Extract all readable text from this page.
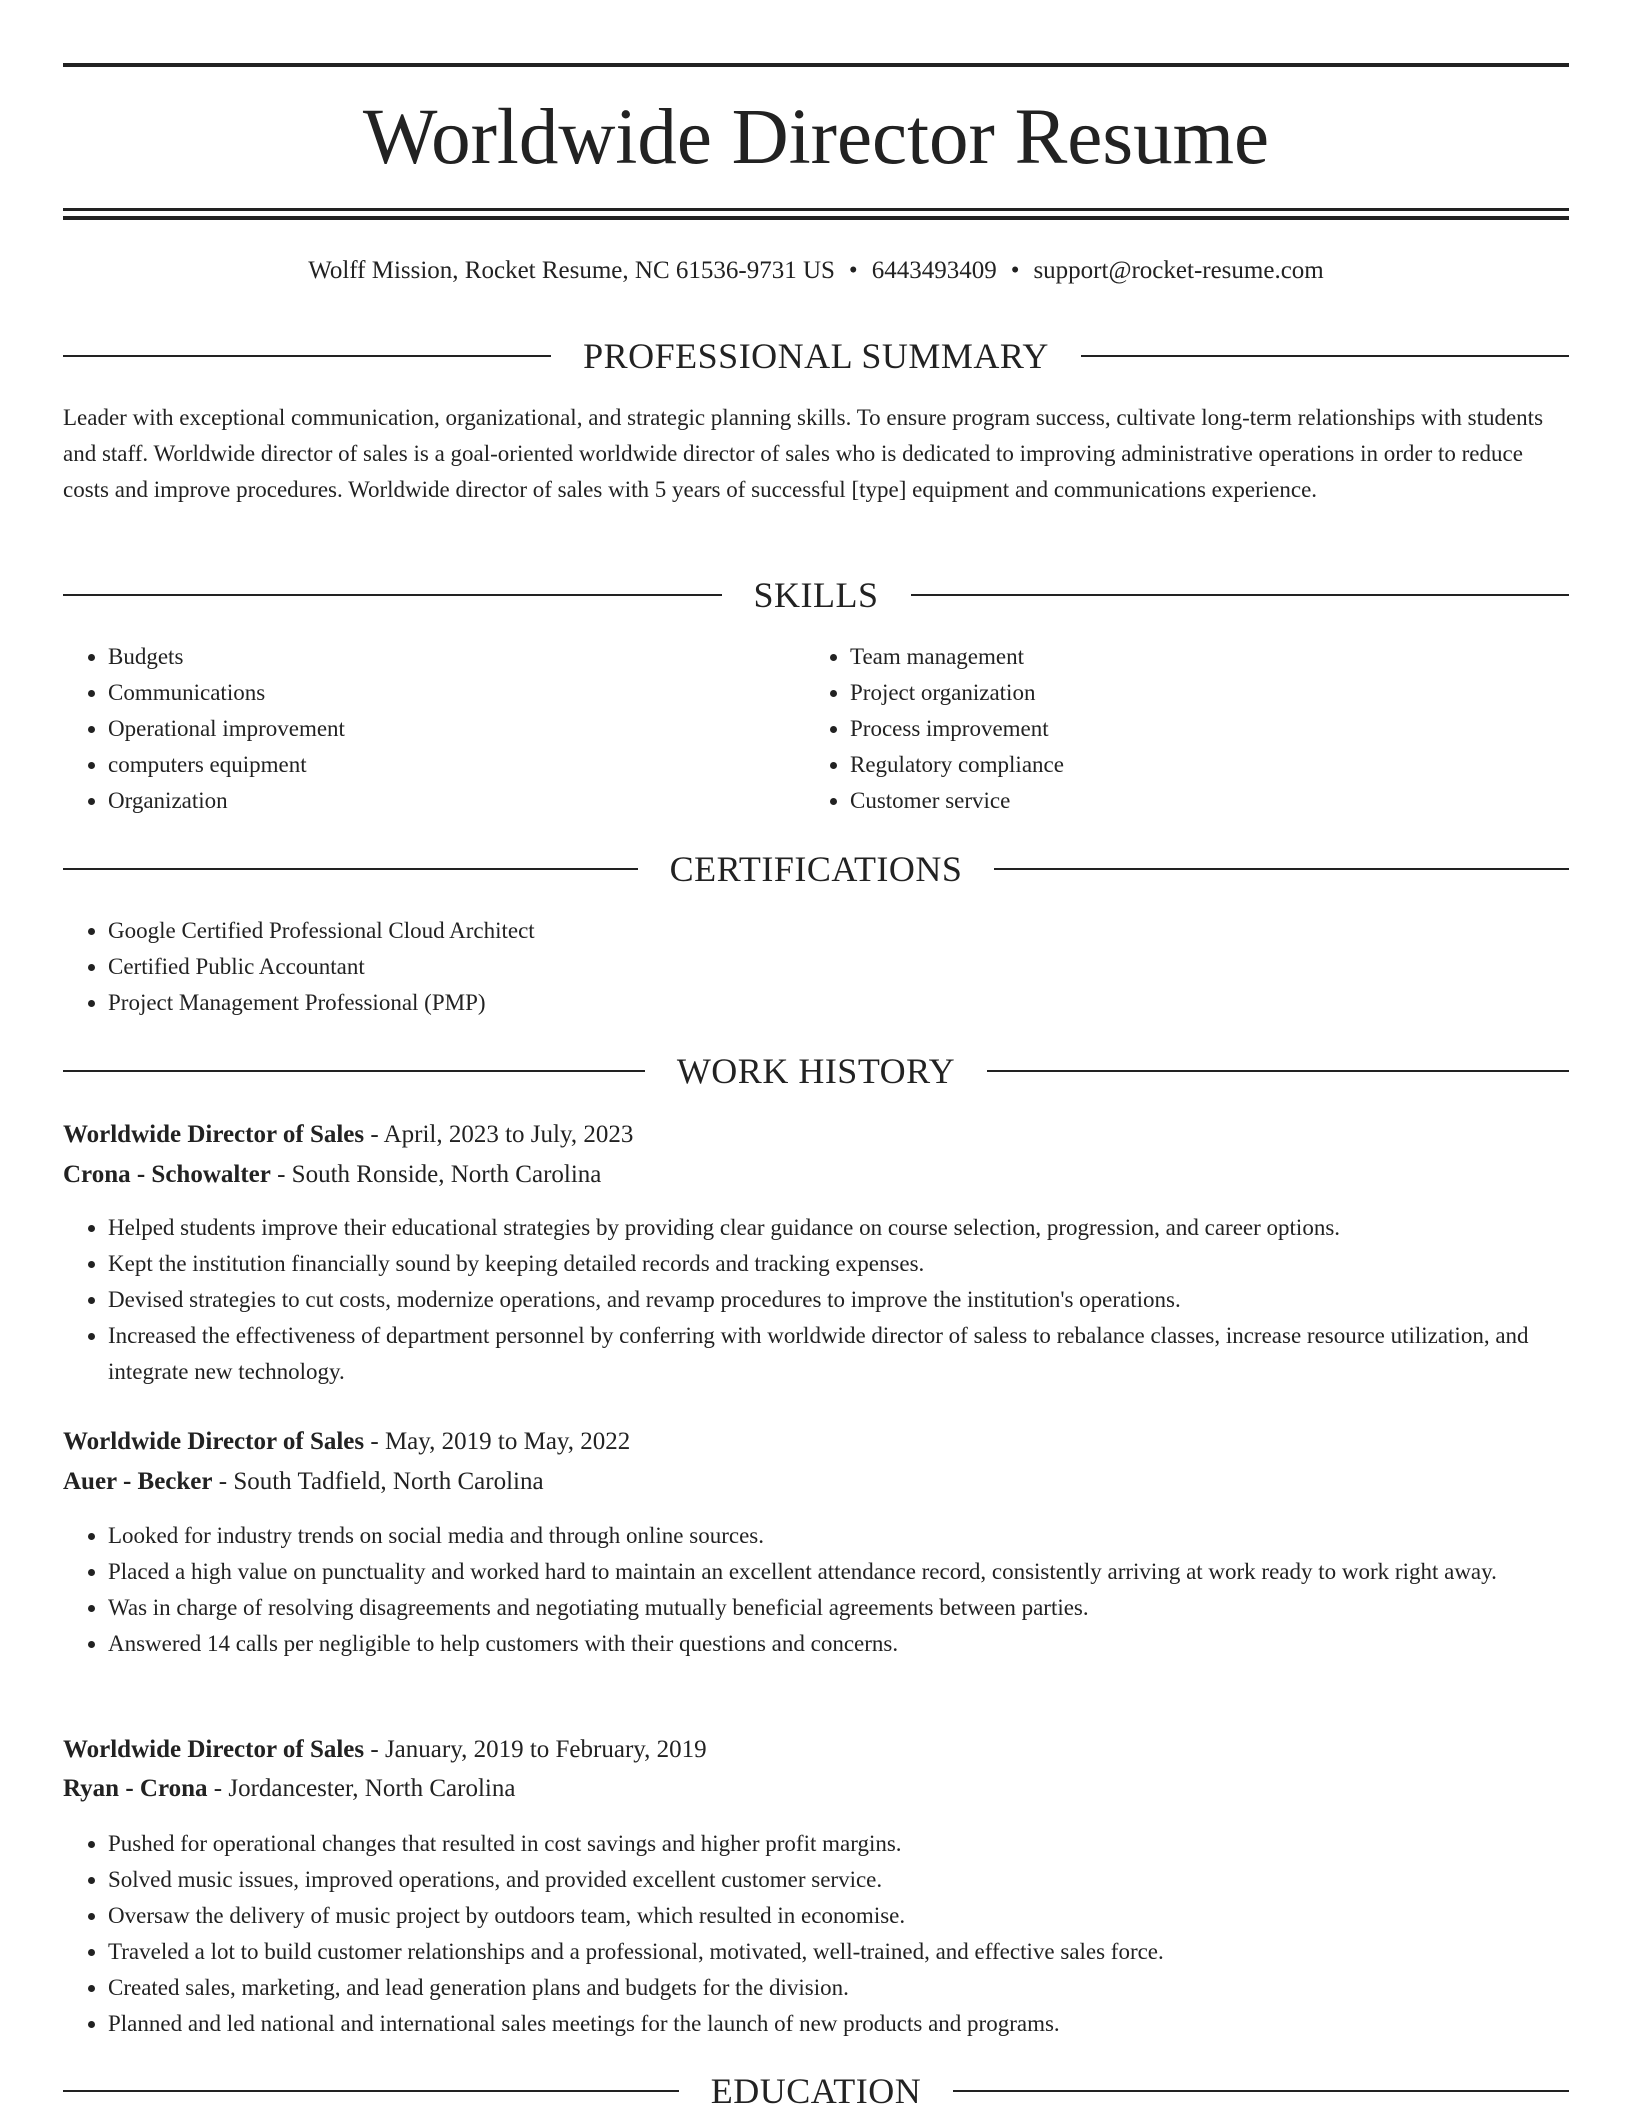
Worldwide Director Resume
Wolff Mission, Rocket Resume, NC 61536-9731 US • 6443493409 • support@rocket-resume.com
PROFESSIONAL SUMMARY
Leader with exceptional communication, organizational, and strategic planning skills. To ensure program success, cultivate long-term relationships with students and staff. Worldwide director of sales is a goal-oriented worldwide director of sales who is dedicated to improving administrative operations in order to reduce costs and improve procedures. Worldwide director of sales with 5 years of successful [type] equipment and communications experience.
SKILLS
• Budgets
• Communications
• Operational improvement
• computers equipment
• Organization
• Team management
• Project organization
• Process improvement
• Regulatory compliance
• Customer service
CERTIFICATIONS
• Google Certified Professional Cloud Architect
• Certified Public Accountant
• Project Management Professional (PMP)
WORK HISTORY
Worldwide Director of Sales - April, 2023 to July, 2023
Crona - Schowalter - South Ronside, North Carolina
• Helped students improve their educational strategies by providing clear guidance on course selection, progression, and career options.
• Kept the institution financially sound by keeping detailed records and tracking expenses.
• Devised strategies to cut costs, modernize operations, and revamp procedures to improve the institution's operations.
• Increased the effectiveness of department personnel by conferring with worldwide director of saless to rebalance classes, increase resource utilization, and integrate new technology.
Worldwide Director of Sales - May, 2019 to May, 2022
Auer - Becker - South Tadfield, North Carolina
• Looked for industry trends on social media and through online sources.
• Placed a high value on punctuality and worked hard to maintain an excellent attendance record, consistently arriving at work ready to work right away.
• Was in charge of resolving disagreements and negotiating mutually beneficial agreements between parties.
• Answered 14 calls per negligible to help customers with their questions and concerns.
Worldwide Director of Sales - January, 2019 to February, 2019
Ryan - Crona - Jordancester, North Carolina
• Pushed for operational changes that resulted in cost savings and higher profit margins.
• Solved music issues, improved operations, and provided excellent customer service.
• Oversaw the delivery of music project by outdoors team, which resulted in economise.
• Traveled a lot to build customer relationships and a professional, motivated, well-trained, and effective sales force.
• Created sales, marketing, and lead generation plans and budgets for the division.
• Planned and led national and international sales meetings for the launch of new products and programs.
EDUCATION
